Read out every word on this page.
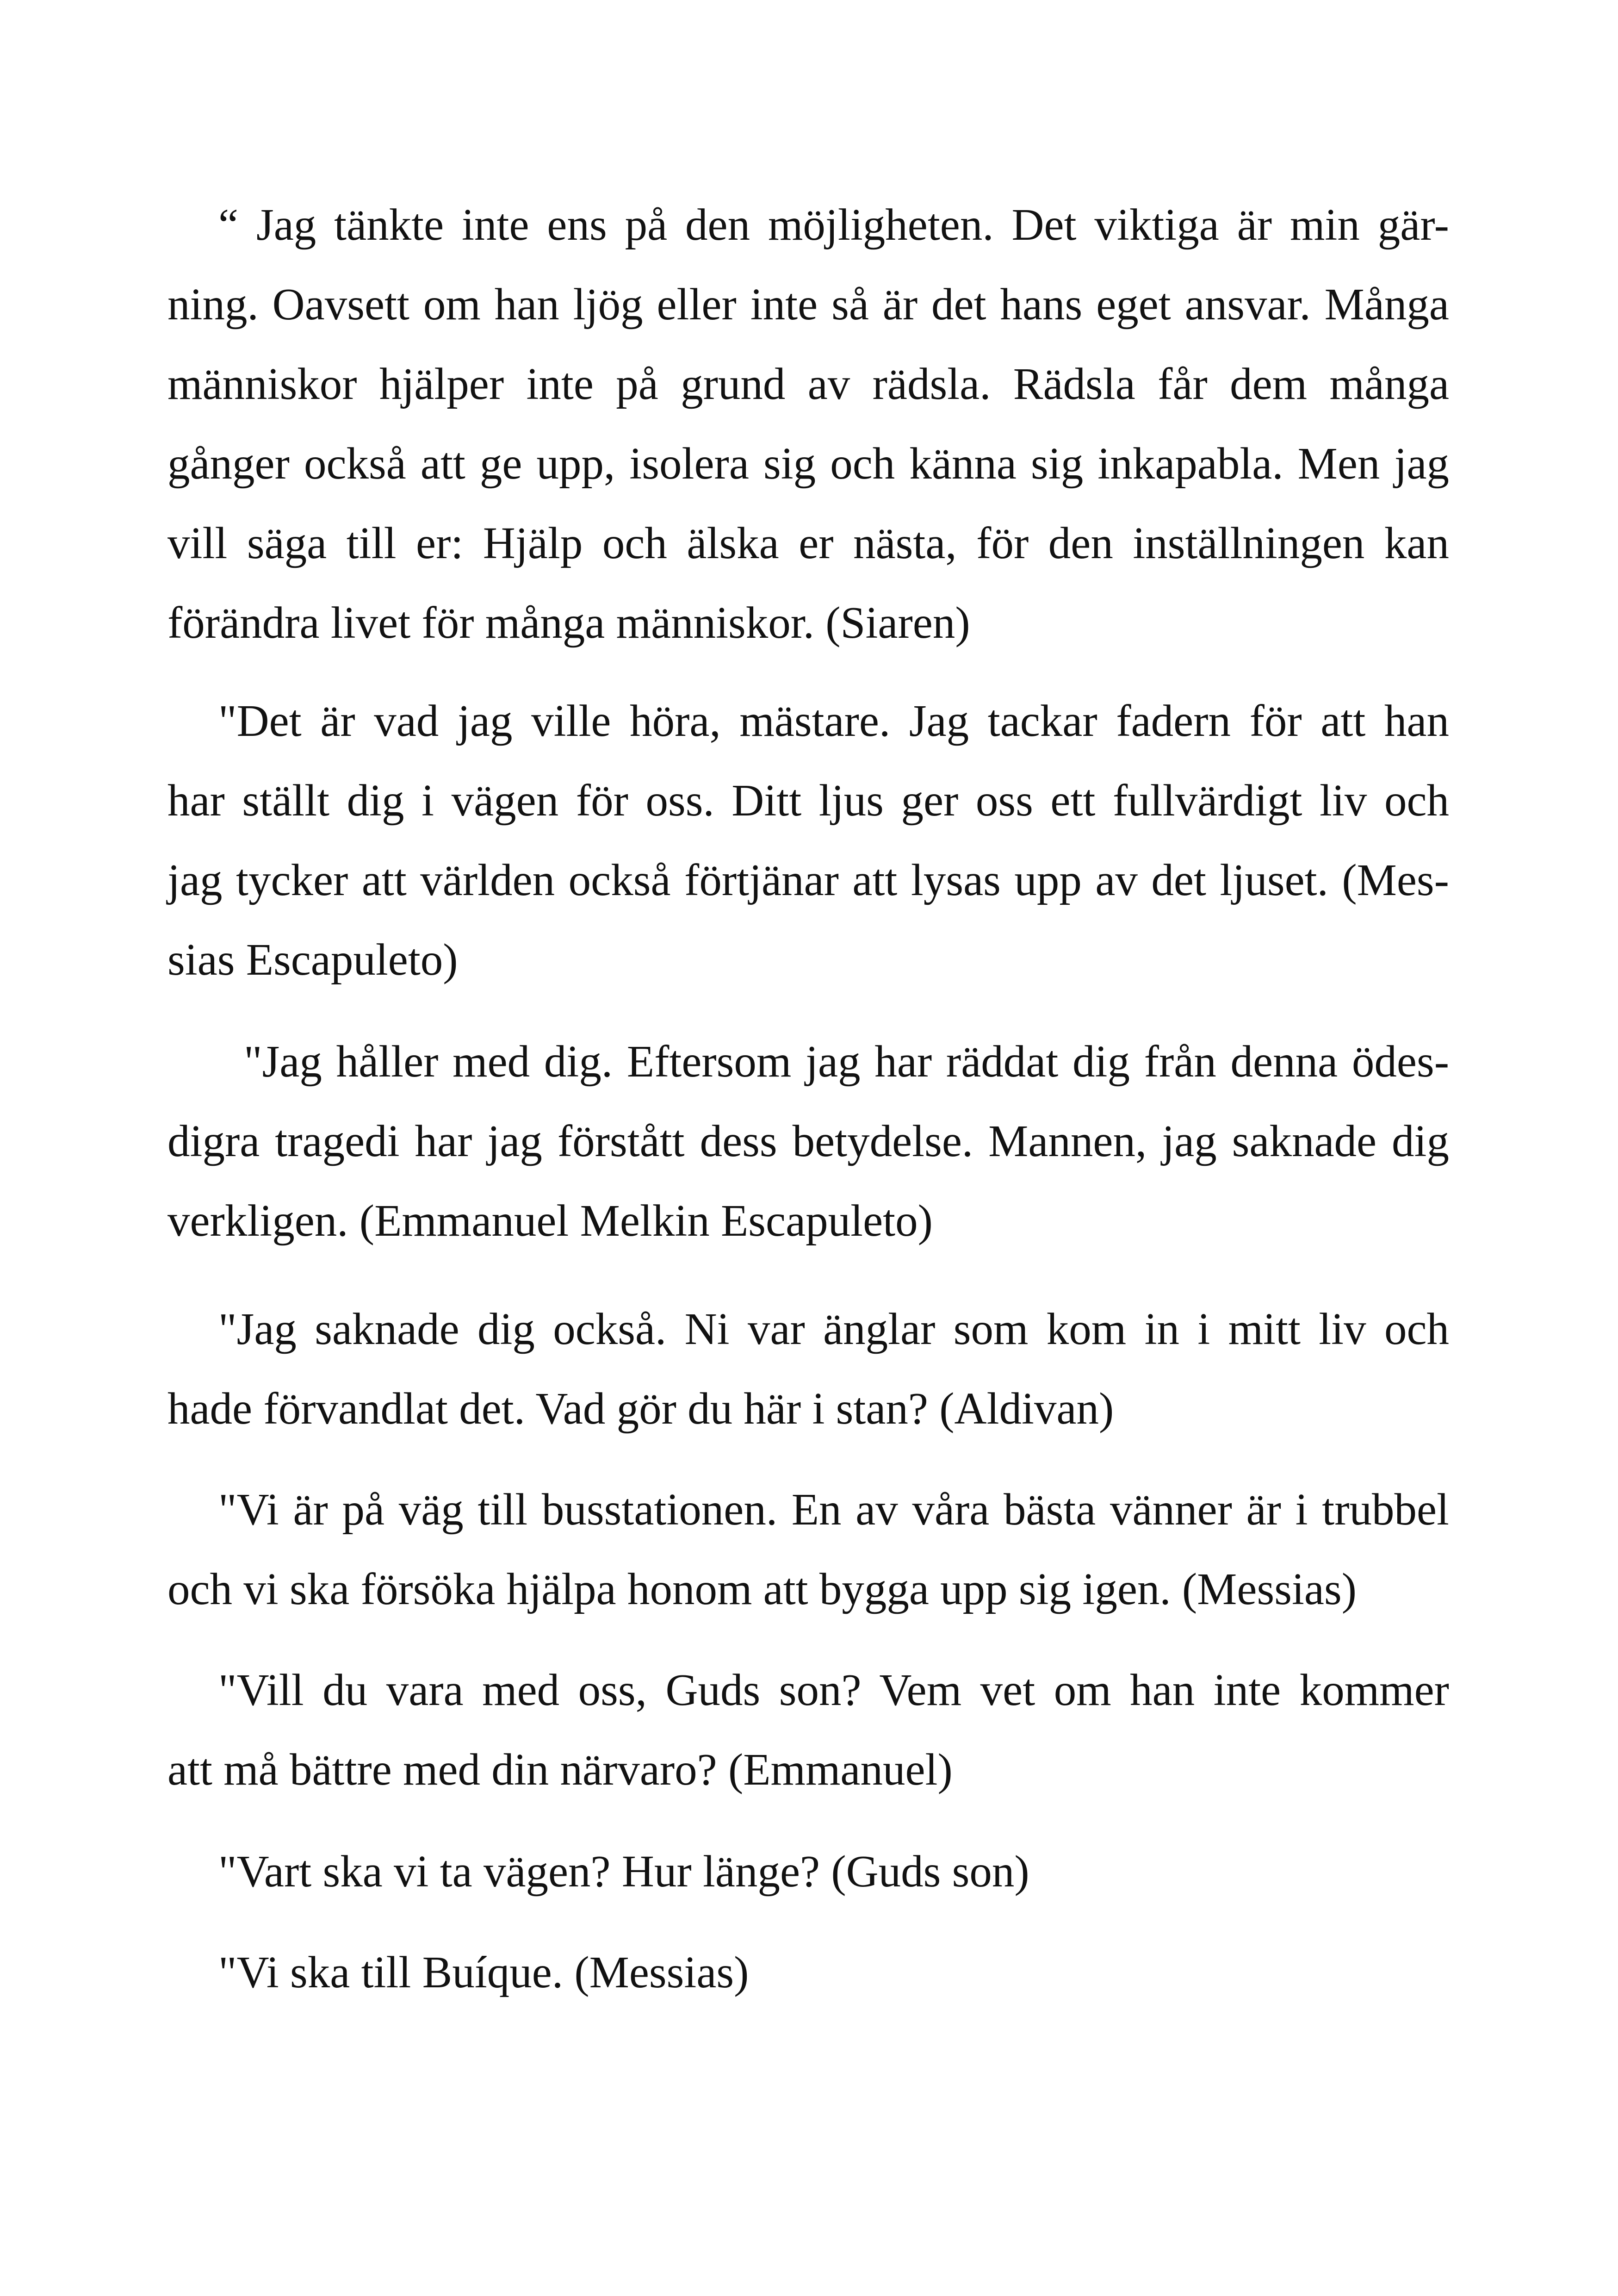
“ Jag tänkte inte ens på den möjligheten. Det viktiga är min gär-
ning. Oavsett om han ljög eller inte så är det hans eget ansvar. Många
människor hjälper inte på grund av rädsla. Rädsla får dem många
gånger också att ge upp, isolera sig och känna sig inkapabla. Men jag
vill säga till er: Hjälp och älska er nästa, för den inställningen kan
förändra livet för många människor. (Siaren)
"Det är vad jag ville höra, mästare. Jag tackar fadern för att han
har ställt dig i vägen för oss. Ditt ljus ger oss ett fullvärdigt liv och
jag tycker att världen också förtjänar att lysas upp av det ljuset. (Mes-
sias Escapuleto)
"Jag håller med dig. Eftersom jag har räddat dig från denna ödes-
digra tragedi har jag förstått dess betydelse. Mannen, jag saknade dig
verkligen. (Emmanuel Melkin Escapuleto)
"Jag saknade dig också. Ni var änglar som kom in i mitt liv och
hade förvandlat det. Vad gör du här i stan? (Aldivan)
"Vi är på väg till busstationen. En av våra bästa vänner är i trubbel
och vi ska försöka hjälpa honom att bygga upp sig igen. (Messias)
"Vill du vara med oss, Guds son? Vem vet om han inte kommer
att må bättre med din närvaro? (Emmanuel)
"Vart ska vi ta vägen? Hur länge? (Guds son)
"Vi ska till Buíque. (Messias)
